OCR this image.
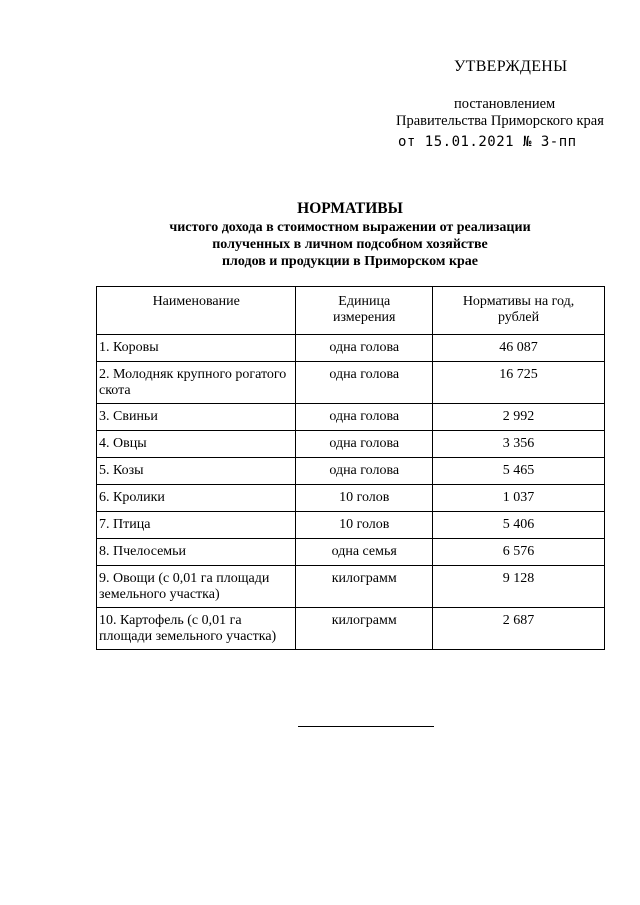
УТВЕРЖДЕНЫ
постановлением
Правительства Приморского края
от 15.01.2021 № 3-пп
НОРМАТИВЫ
чистого дохода в стоимостном выражении от реализации
полученных в личном подсобном хозяйстве
плодов и продукции в Приморском крае
Наименование	Единица измерения	Нормативы на год, рублей

1. Коровы	одна голова	46 087
2. Молодняк крупного рогатого скота	одна голова	16 725
3. Свиньи	одна голова	2 992
4. Овцы	одна голова	3 356
5. Козы	одна голова	5 465
6. Кролики	10 голов	1 037
7. Птица	10 голов	5 406
8. Пчелосемьи	одна семья	6 576
9. Овощи (с 0,01 га площади земельного участка)	килограмм	9 128
10. Картофель (с 0,01 га площади земельного участка)	килограмм	2 687
